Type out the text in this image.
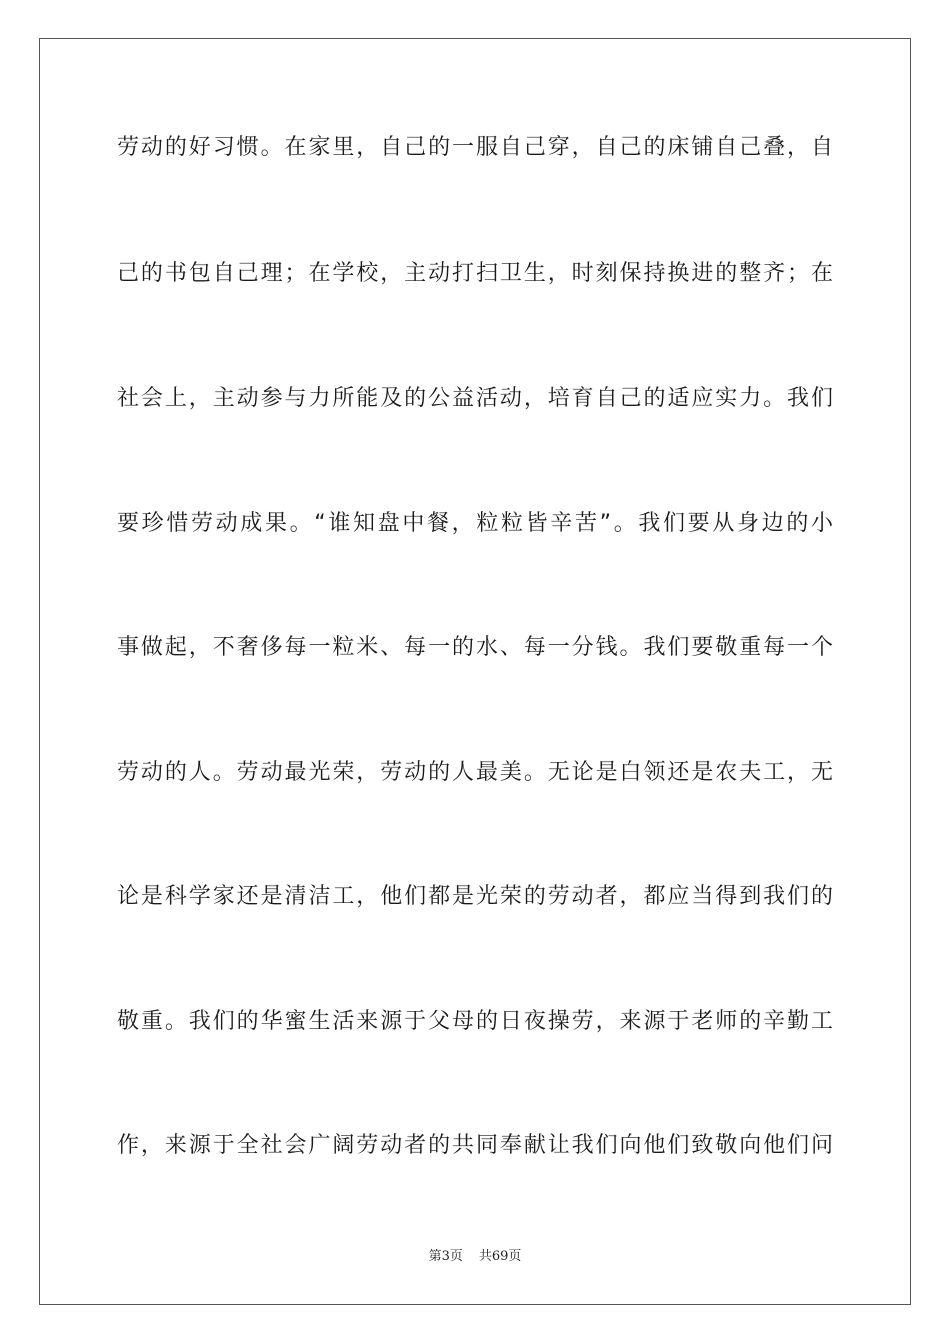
劳动的好习惯。在家里，自己的一服自己穿，自己的床铺自己叠，自
己的书包自己理；在学校，主动打扫卫生，时刻保持换进的整齐；在
社会上，主动参与力所能及的公益活动，培育自己的适应实力。我们
要珍惜劳动成果。“谁知盘中餐，粒粒皆辛苦”。我们要从身边的小
事做起，不奢侈每一粒米、每一的水、每一分钱。我们要敬重每一个
劳动的人。劳动最光荣，劳动的人最美。无论是白领还是农夫工，无
论是科学家还是清洁工，他们都是光荣的劳动者，都应当得到我们的
敬重。我们的华蜜生活来源于父母的日夜操劳，来源于老师的辛勤工
作，来源于全社会广阔劳动者的共同奉献让我们向他们致敬向他们问
第3页 共69页
